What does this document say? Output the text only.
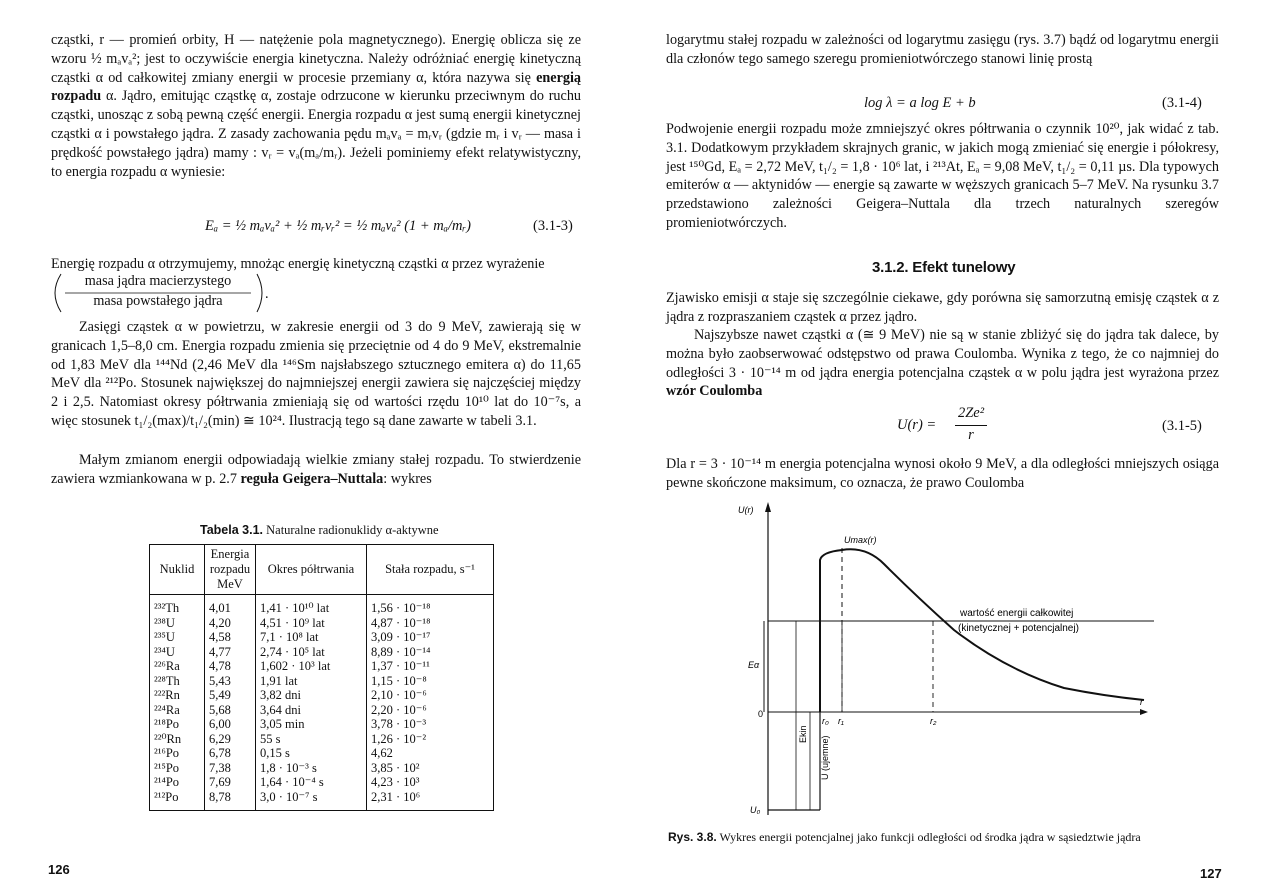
cząstki, r — promień orbity, H — natężenie pola magnetycznego). Energię oblicza się ze wzoru ½ mₐvₐ²; jest to oczywiście energia kinetyczna. Należy odróżniać energię kinetyczną cząstki α od całkowitej zmiany energii w procesie przemiany α, która nazywa się energią rozpadu α. Jądro, emitując cząstkę α, zostaje odrzucone w kierunku przeciwnym do ruchu cząstki, unosząc z sobą pewną część energii. Energia rozpadu α jest sumą energii kinetycznej cząstki α i powstałego jądra. Z zasady zachowania pędu mₐvₐ = mᵣvᵣ (gdzie mᵣ i vᵣ — masa i prędkość powstałego jądra) mamy : vᵣ = vₐ(mₐ/mᵣ). Jeżeli pominiemy efekt relatywistyczny, to energia rozpadu α wyniesie:

Eₐ = ½ mₐvₐ² + ½ mᵣvᵣ² = ½ mₐvₐ² (1 + mₐ/mᵣ)	(3.1-3)

Energię rozpadu α otrzymujemy, mnożąc energię kinetyczną cząstki α przez wyrażenie

masa jądra macierzystego
masa powstałego jądra	.

Zasięgi cząstek α w powietrzu, w zakresie energii od 3 do 9 MeV, zawierają się w granicach 1,5–8,0 cm. Energia rozpadu zmienia się przeciętnie od 4 do 9 MeV, ekstremalnie od 1,83 MeV dla ¹⁴⁴Nd (2,46 MeV dla ¹⁴⁶Sm najsłabszego sztucznego emitera α) do 11,65 MeV dla ²¹²Po. Stosunek największej do najmniejszej energii zawiera się najczęściej między 2 i 2,5. Natomiast okresy półtrwania zmieniają się od wartości rzędu 10¹⁰ lat do 10⁻⁷s, a więc stosunek t₁/₂(max)/t₁/₂(min) ≅ 10²⁴. Ilustracją tego są dane zawarte w tabeli 3.1.

Małym zmianom energii odpowiadają wielkie zmiany stałej rozpadu. To stwierdzenie zawiera wzmiankowana w p. 2.7 reguła Geigera–Nuttala: wykres

Tabela 3.1. Naturalne radionuklidy α-aktywne
Nuklid	Energia rozpadu MeV	Okres półtrwania	Stała rozpadu, s⁻¹
²³²Th	4,01	1,41 · 10¹⁰ lat	1,56 · 10⁻¹⁸
²³⁸U	4,20	4,51 · 10⁹ lat	4,87 · 10⁻¹⁸
²³⁵U	4,58	7,1 · 10⁸ lat	3,09 · 10⁻¹⁷
²³⁴U	4,77	2,74 · 10⁵ lat	8,89 · 10⁻¹⁴
²²⁶Ra	4,78	1,602 · 10³ lat	1,37 · 10⁻¹¹
²²⁸Th	5,43	1,91 lat	1,15 · 10⁻⁸
²²²Rn	5,49	3,82 dni	2,10 · 10⁻⁶
²²⁴Ra	5,68	3,64 dni	2,20 · 10⁻⁶
²¹⁸Po	6,00	3,05 min	3,78 · 10⁻³
²²⁰Rn	6,29	55 s	1,26 · 10⁻²
²¹⁶Po	6,78	0,15 s	4,62
²¹⁵Po	7,38	1,8 · 10⁻³ s	3,85 · 10²
²¹⁴Po	7,69	1,64 · 10⁻⁴ s	4,23 · 10³
²¹²Po	8,78	3,0 · 10⁻⁷ s	2,31 · 10⁶
126

logarytmu stałej rozpadu w zależności od logarytmu zasięgu (rys. 3.7) bądź od logarytmu energii dla członów tego samego szeregu promieniotwórczego stanowi linię prostą

log λ = a log E + b	(3.1-4)

Podwojenie energii rozpadu może zmniejszyć okres półtrwania o czynnik 10²⁰, jak widać z tab. 3.1. Dodatkowym przykładem skrajnych granic, w jakich mogą zmieniać się energie i półokresy, jest ¹⁵⁰Gd, Eₐ = 2,72 MeV, t₁/₂ = 1,8 · 10⁶ lat, i ²¹³At, Eₐ = 9,08 MeV, t₁/₂ = 0,11 µs. Dla typowych emiterów α — aktynidów — energie są zawarte w węższych granicach 5–7 MeV. Na rysunku 3.7 przedstawiono zależności Geigera–Nuttala dla trzech naturalnych szeregów promieniotwórczych.

3.1.2. Efekt tunelowy

Zjawisko emisji α staje się szczególnie ciekawe, gdy porówna się samorzutną emisję cząstek α z jądra z rozpraszaniem cząstek α przez jądro.

Najszybsze nawet cząstki α (≅ 9 MeV) nie są w stanie zbliżyć się do jądra tak dalece, by można było zaobserwować odstępstwo od prawa Coulomba. Wynika z tego, że co najmniej do odległości 3 · 10⁻¹⁴ m od jądra energia potencjalna cząstek α w polu jądra jest wyrażona przez wzór Coulomba

U(r) =
2Ze²
r
(3.1-5)

Dla r = 3 · 10⁻¹⁴ m energia potencjalna wynosi około 9 MeV, a dla odległości mniejszych osiąga pewne skończone maksimum, co oznacza, że prawo Coulomba

U(r)
0
r
Eα
Ekin
U (ujemne)
r₀ r₁	r₂
U₀
Umax(r)
wartość energii całkowitej
(kinetycznej + potencjalnej)
Rys. 3.8. Wykres energii potencjalnej jako funkcji odległości od środka jądra w sąsiedztwie jądra
127
